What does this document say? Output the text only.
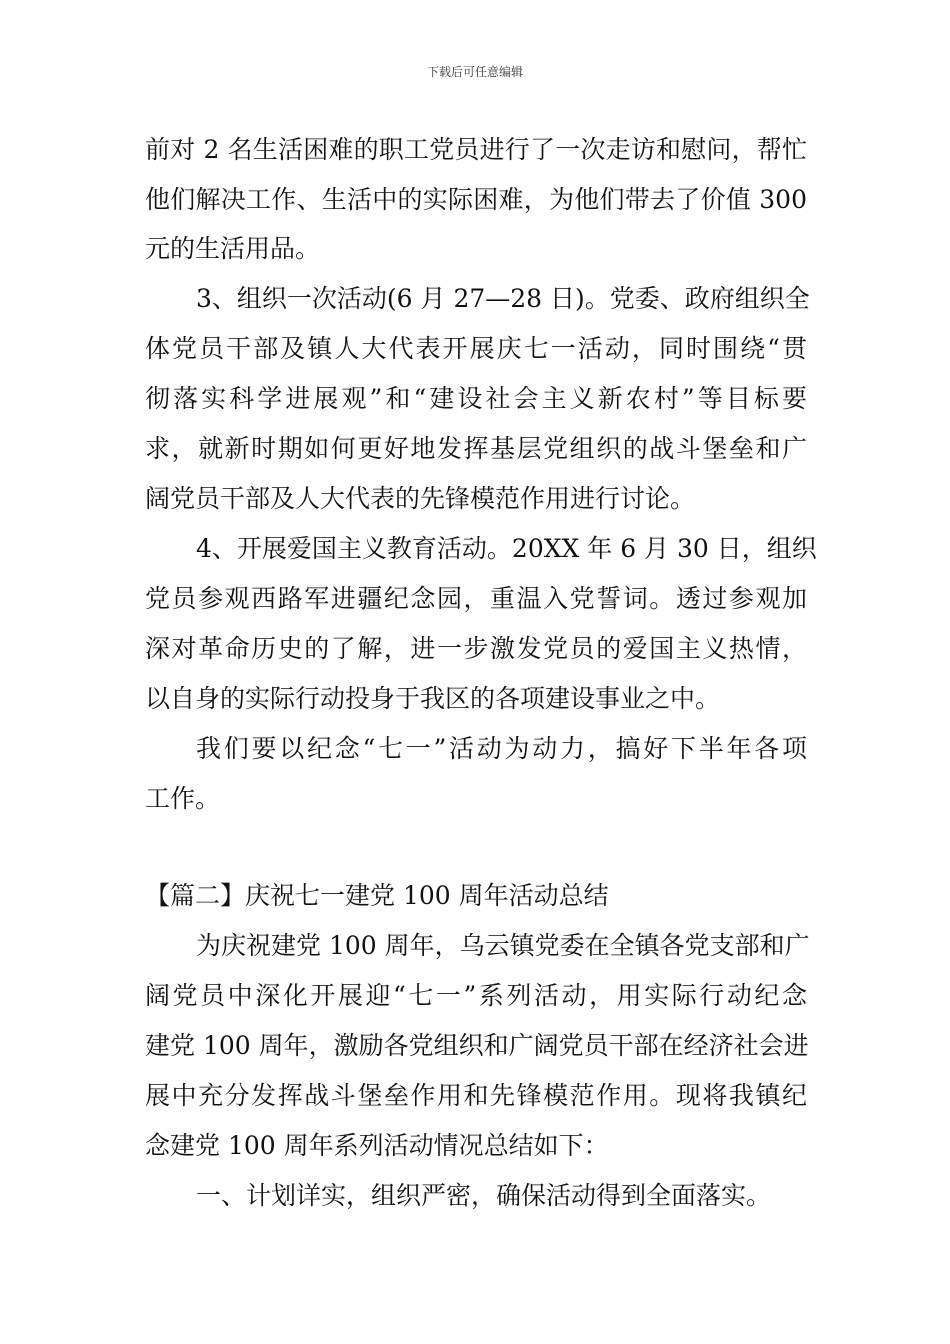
下载后可任意编辑
前对 2 名生活困难的职工党员进行了一次走访和慰问，帮忙
他们解决工作、生活中的实际困难，为他们带去了价值 300
元的生活用品。
3、组织一次活动(6 月 27—28 日)。党委、政府组织全
体党员干部及镇人大代表开展庆七一活动，同时围绕“贯
彻落实科学进展观”和“建设社会主义新农村”等目标要
求，就新时期如何更好地发挥基层党组织的战斗堡垒和广
阔党员干部及人大代表的先锋模范作用进行讨论。
4、开展爱国主义教育活动。20XX 年 6 月 30 日，组织
党员参观西路军进疆纪念园，重温入党誓词。透过参观加
深对革命历史的了解，进一步激发党员的爱国主义热情，
以自身的实际行动投身于我区的各项建设事业之中。
我们要以纪念“七一”活动为动力，搞好下半年各项
工作。
【篇二】庆祝七一建党 100 周年活动总结
为庆祝建党 100 周年，乌云镇党委在全镇各党支部和广
阔党员中深化开展迎“七一”系列活动，用实际行动纪念
建党 100 周年，激励各党组织和广阔党员干部在经济社会进
展中充分发挥战斗堡垒作用和先锋模范作用。现将我镇纪
念建党 100 周年系列活动情况总结如下：
一、计划详实，组织严密，确保活动得到全面落实。
